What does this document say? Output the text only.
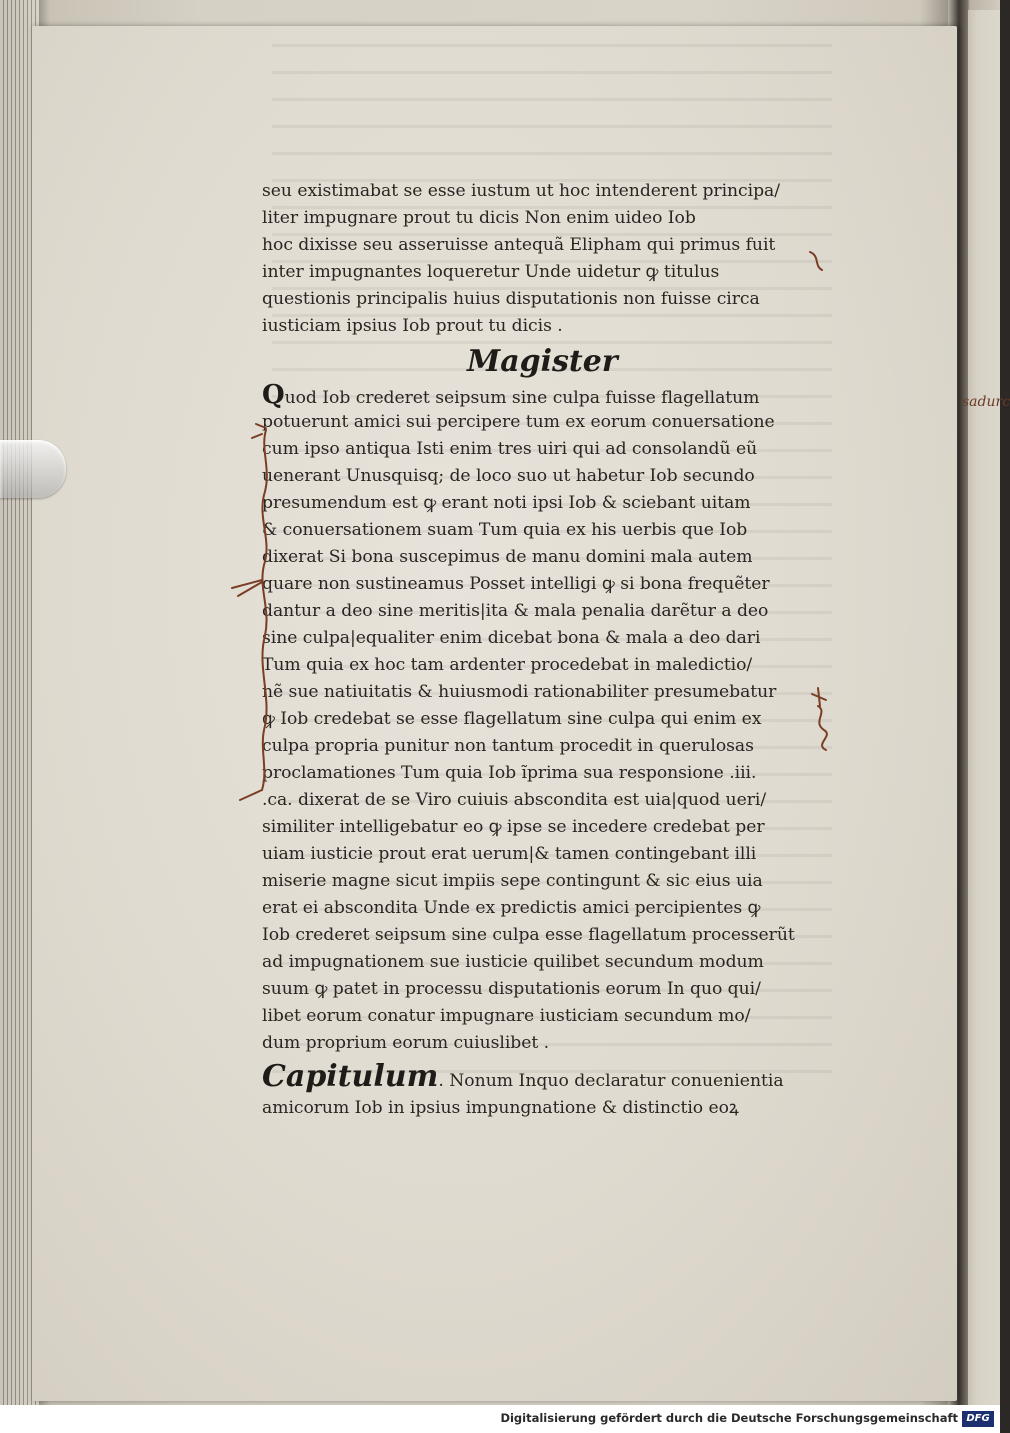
seu existimabat se esse iustum ut hoc intenderent principa/
liter impugnare prout tu dicis Non enim uideo Iob
hoc dixisse seu asseruisse antequã Elipham qui primus fuit
inter impugnantes loqueretur Unde uidetur ꝙ titulus
questionis principalis huius disputationis non fuisse circa
iusticiam ipsius Iob prout tu dicis .
Magister
Quod Iob crederet seipsum sine culpa fuisse flagellatum
potuerunt amici sui percipere tum ex eorum conuersatione
cum ipso antiqua Isti enim tres uiri qui ad consolandũ eũ
uenerant Unusquisq; de loco suo ut habetur Iob secundo
presumendum est ꝙ erant noti ipsi Iob & sciebant uitam
& conuersationem suam Tum quia ex his uerbis que Iob
dixerat Si bona suscepimus de manu domini mala autem
quare non sustineamus Posset intelligi ꝙ si bona frequẽter
dantur a deo sine meritis|ita & mala penalia darẽtur a deo
sine culpa|equaliter enim dicebat bona & mala a deo dari
Tum quia ex hoc tam ardenter procedebat in maledictio/
nẽ sue natiuitatis & huiusmodi rationabiliter presumebatur
ꝙ Iob credebat se esse flagellatum sine culpa qui enim ex
culpa propria punitur non tantum procedit in querulosas
proclamationes Tum quia Iob ĩprima sua responsione .iii.
.ca. dixerat de se Viro cuiuis abscondita est uia|quod ueri/
similiter intelligebatur eo ꝙ ipse se incedere credebat per
uiam iusticie prout erat uerum|& tamen contingebant illi
miserie magne sicut impiis sepe contingunt & sic eius uia
erat ei abscondita Unde ex predictis amici percipientes ꝙ
Iob crederet seipsum sine culpa esse flagellatum processerũt
ad impugnationem sue iusticie quilibet secundum modum
suum ꝙ patet in processu disputationis eorum In quo qui/
libet eorum conatur impugnare iusticiam secundum mo/
dum proprium eorum cuiuslibet .
Capitulum. Nonum Inquo declaratur conuenientia
amicorum Iob in ipsius impungnatione & distinctio eoꝝ
sadurc
Digitalisierung gefördert durch die Deutsche Forschungsgemeinschaft DFG
